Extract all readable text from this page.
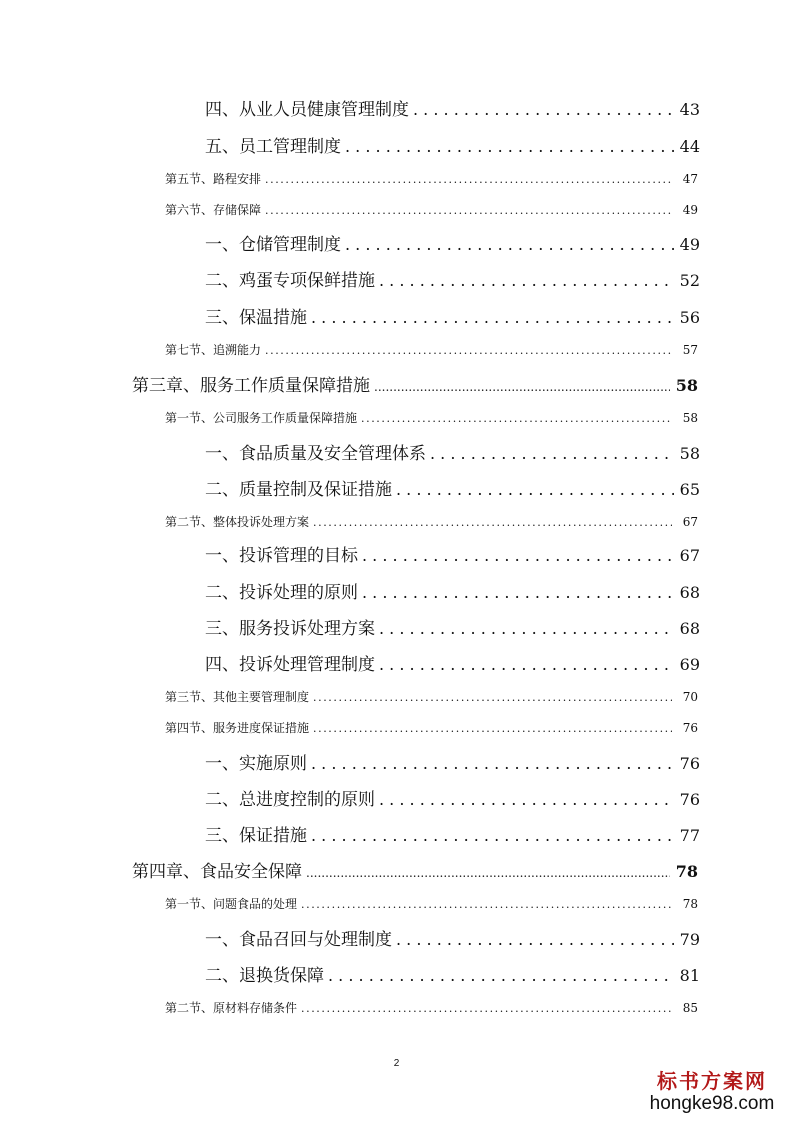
四、从业人员健康管理制度 . . .	43
五、员工管理制度 . . .	44
第五节、路程安排 .....	47
第六节、存储保障 .....	49
一、仓储管理制度 . . .	49
二、鸡蛋专项保鲜措施 . . .	52
三、保温措施 . . .	56
第七节、追溯能力 .....	57
第三章、服务工作质量保障措施 .....	58
第一节、公司服务工作质量保障措施 .....	58
一、食品质量及安全管理体系 . . .	58
二、质量控制及保证措施 . . .	65
第二节、整体投诉处理方案 .....	67
一、投诉管理的目标 . . .	67
二、投诉处理的原则 . . .	68
三、服务投诉处理方案 . . .	68
四、投诉处理管理制度 . . .	69
第三节、其他主要管理制度 .....	70
第四节、服务进度保证措施 .....	76
一、实施原则 . . .	76
二、总进度控制的原则 . . .	76
三、保证措施 . . .	77
第四章、食品安全保障 .....	78
第一节、问题食品的处理 .....	78
一、食品召回与处理制度 . . .	79
二、退换货保障 . . .	81
第二节、原材料存储条件 .....	85
2
标书方案网
hongke98.com
